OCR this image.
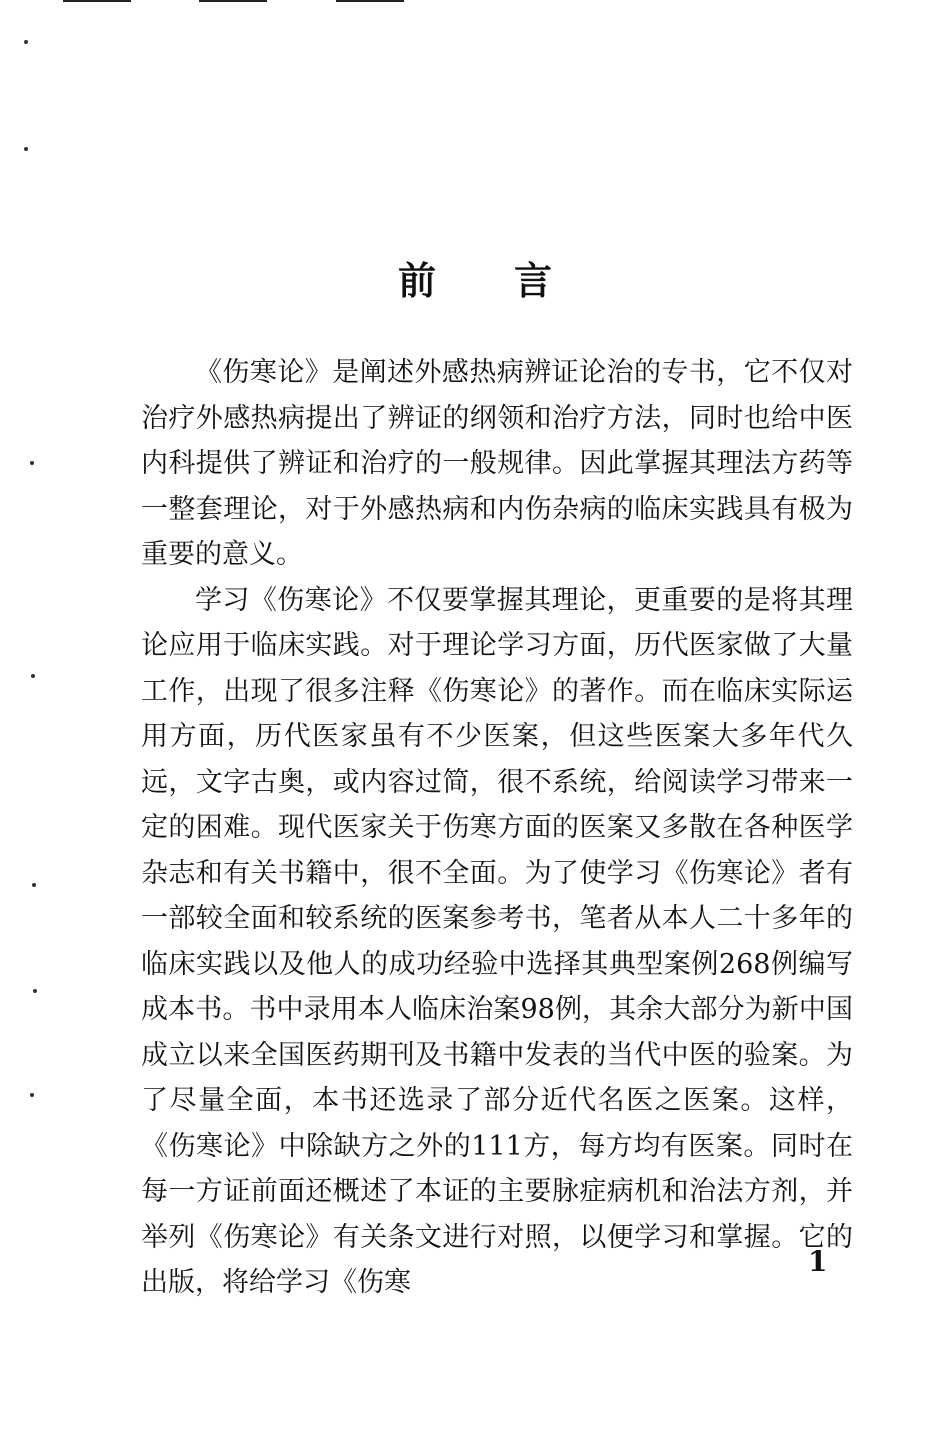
前 言

《伤寒论》是阐述外感热病辨证论治的专书，它不仅对治疗外感热病提出了辨证的纲领和治疗方法，同时也给中医内科提供了辨证和治疗的一般规律。因此掌握其理法方药等一整套理论，对于外感热病和内伤杂病的临床实践具有极为重要的意义。

学习《伤寒论》不仅要掌握其理论，更重要的是将其理论应用于临床实践。对于理论学习方面，历代医家做了大量工作，出现了很多注释《伤寒论》的著作。而在临床实际运用方面，历代医家虽有不少医案，但这些医案大多年代久远，文字古奥，或内容过简，很不系统，给阅读学习带来一定的困难。现代医家关于伤寒方面的医案又多散在各种医学杂志和有关书籍中，很不全面。为了使学习《伤寒论》者有一部较全面和较系统的医案参考书，笔者从本人二十多年的临床实践以及他人的成功经验中选择其典型案例268例编写成本书。书中录用本人临床治案98例，其余大部分为新中国成立以来全国医药期刊及书籍中发表的当代中医的验案。为了尽量全面，本书还选录了部分近代名医之医案。这样，《伤寒论》中除缺方之外的111方，每方均有医案。同时在每一方证前面还概述了本证的主要脉症病机和治法方剂，并举列《伤寒论》有关条文进行对照，以便学习和掌握。它的出版，将给学习《伤寒

1
